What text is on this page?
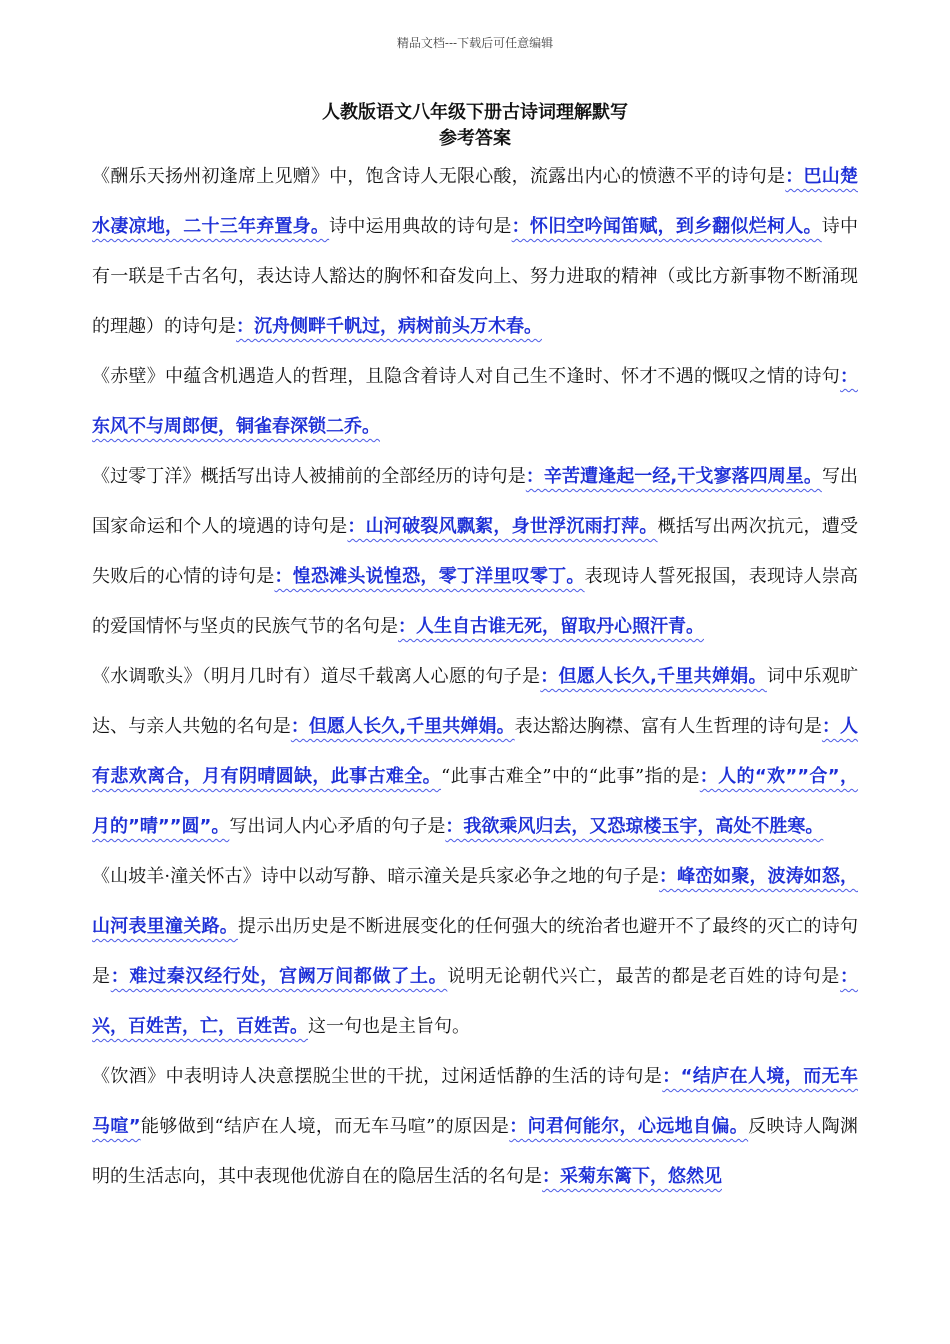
精品文档---下载后可任意编辑
人教版语文八年级下册古诗词理解默写
参考答案

《酬乐天扬州初逢席上见赠》中，饱含诗人无限心酸，流露出内心的愤懑不平的诗句是：巴山楚水凄凉地，二十三年弃置身。诗中运用典故的诗句是：怀旧空吟闻笛赋，到乡翻似烂柯人。诗中有一联是千古名句，表达诗人豁达的胸怀和奋发向上、努力进取的精神（或比方新事物不断涌现的理趣）的诗句是：沉舟侧畔千帆过，病树前头万木春。

《赤壁》中蕴含机遇造人的哲理，且隐含着诗人对自己生不逢时、怀才不遇的慨叹之情的诗句：东风不与周郎便，铜雀春深锁二乔。

《过零丁洋》概括写出诗人被捕前的全部经历的诗句是：辛苦遭逢起一经,干戈寥落四周星。写出国家命运和个人的境遇的诗句是：山河破裂风飘絮，身世浮沉雨打萍。概括写出两次抗元，遭受失败后的心情的诗句是：惶恐滩头说惶恐，零丁洋里叹零丁。表现诗人誓死报国，表现诗人崇高的爱国情怀与坚贞的民族气节的名句是：人生自古谁无死，留取丹心照汗青。

《水调歌头》（明月几时有）道尽千载离人心愿的句子是：但愿人长久,千里共婵娟。词中乐观旷达、与亲人共勉的名句是：但愿人长久,千里共婵娟。表达豁达胸襟、富有人生哲理的诗句是：人有悲欢离合，月有阴晴圆缺，此事古难全。“此事古难全”中的“此事”指的是：人的“欢””合”，月的”晴””圆”。写出词人内心矛盾的句子是：我欲乘风归去，又恐琼楼玉宇，高处不胜寒。

《山坡羊·潼关怀古》诗中以动写静、暗示潼关是兵家必争之地的句子是：峰峦如聚，波涛如怒，山河表里潼关路。提示出历史是不断进展变化的任何强大的统治者也避开不了最终的灭亡的诗句是：难过秦汉经行处，宫阙万间都做了土。说明无论朝代兴亡，最苦的都是老百姓的诗句是：兴，百姓苦，亡，百姓苦。这一句也是主旨句。

《饮酒》中表明诗人决意摆脱尘世的干扰，过闲适恬静的生活的诗句是：“结庐在人境，而无车马喧”能够做到“结庐在人境，而无车马喧”的原因是：问君何能尔，心远地自偏。反映诗人陶渊明的生活志向，其中表现他优游自在的隐居生活的名句是：采菊东篱下，悠然见
